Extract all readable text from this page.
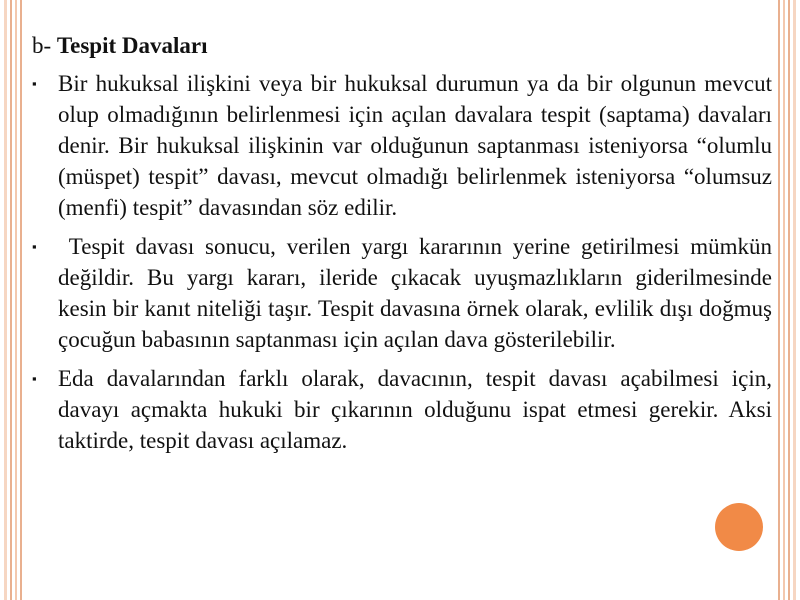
b- Tespit Davaları
▪ Bir hukuksal ilişkini veya bir hukuksal durumun ya da bir olgunun mevcut olup olmadığının belirlenmesi için açılan davalara tespit (saptama) davaları denir. Bir hukuksal ilişkinin var olduğunun saptanması isteniyorsa “olumlu (müspet) tespit” davası, mevcut olmadığı belirlenmek isteniyorsa “olumsuz (menfi) tespit” davasından söz edilir.
▪ Tespit davası sonucu, verilen yargı kararının yerine getirilmesi mümkün değildir. Bu yargı kararı, ileride çıkacak uyuşmazlıkların giderilmesinde kesin bir kanıt niteliği taşır. Tespit davasına örnek olarak, evlilik dışı doğmuş çocuğun babasının saptanması için açılan dava gösterilebilir.
▪ Eda davalarından farklı olarak, davacının, tespit davası açabilmesi için, davayı açmakta hukuki bir çıkarının olduğunu ispat etmesi gerekir. Aksi taktirde, tespit davası açılamaz.
